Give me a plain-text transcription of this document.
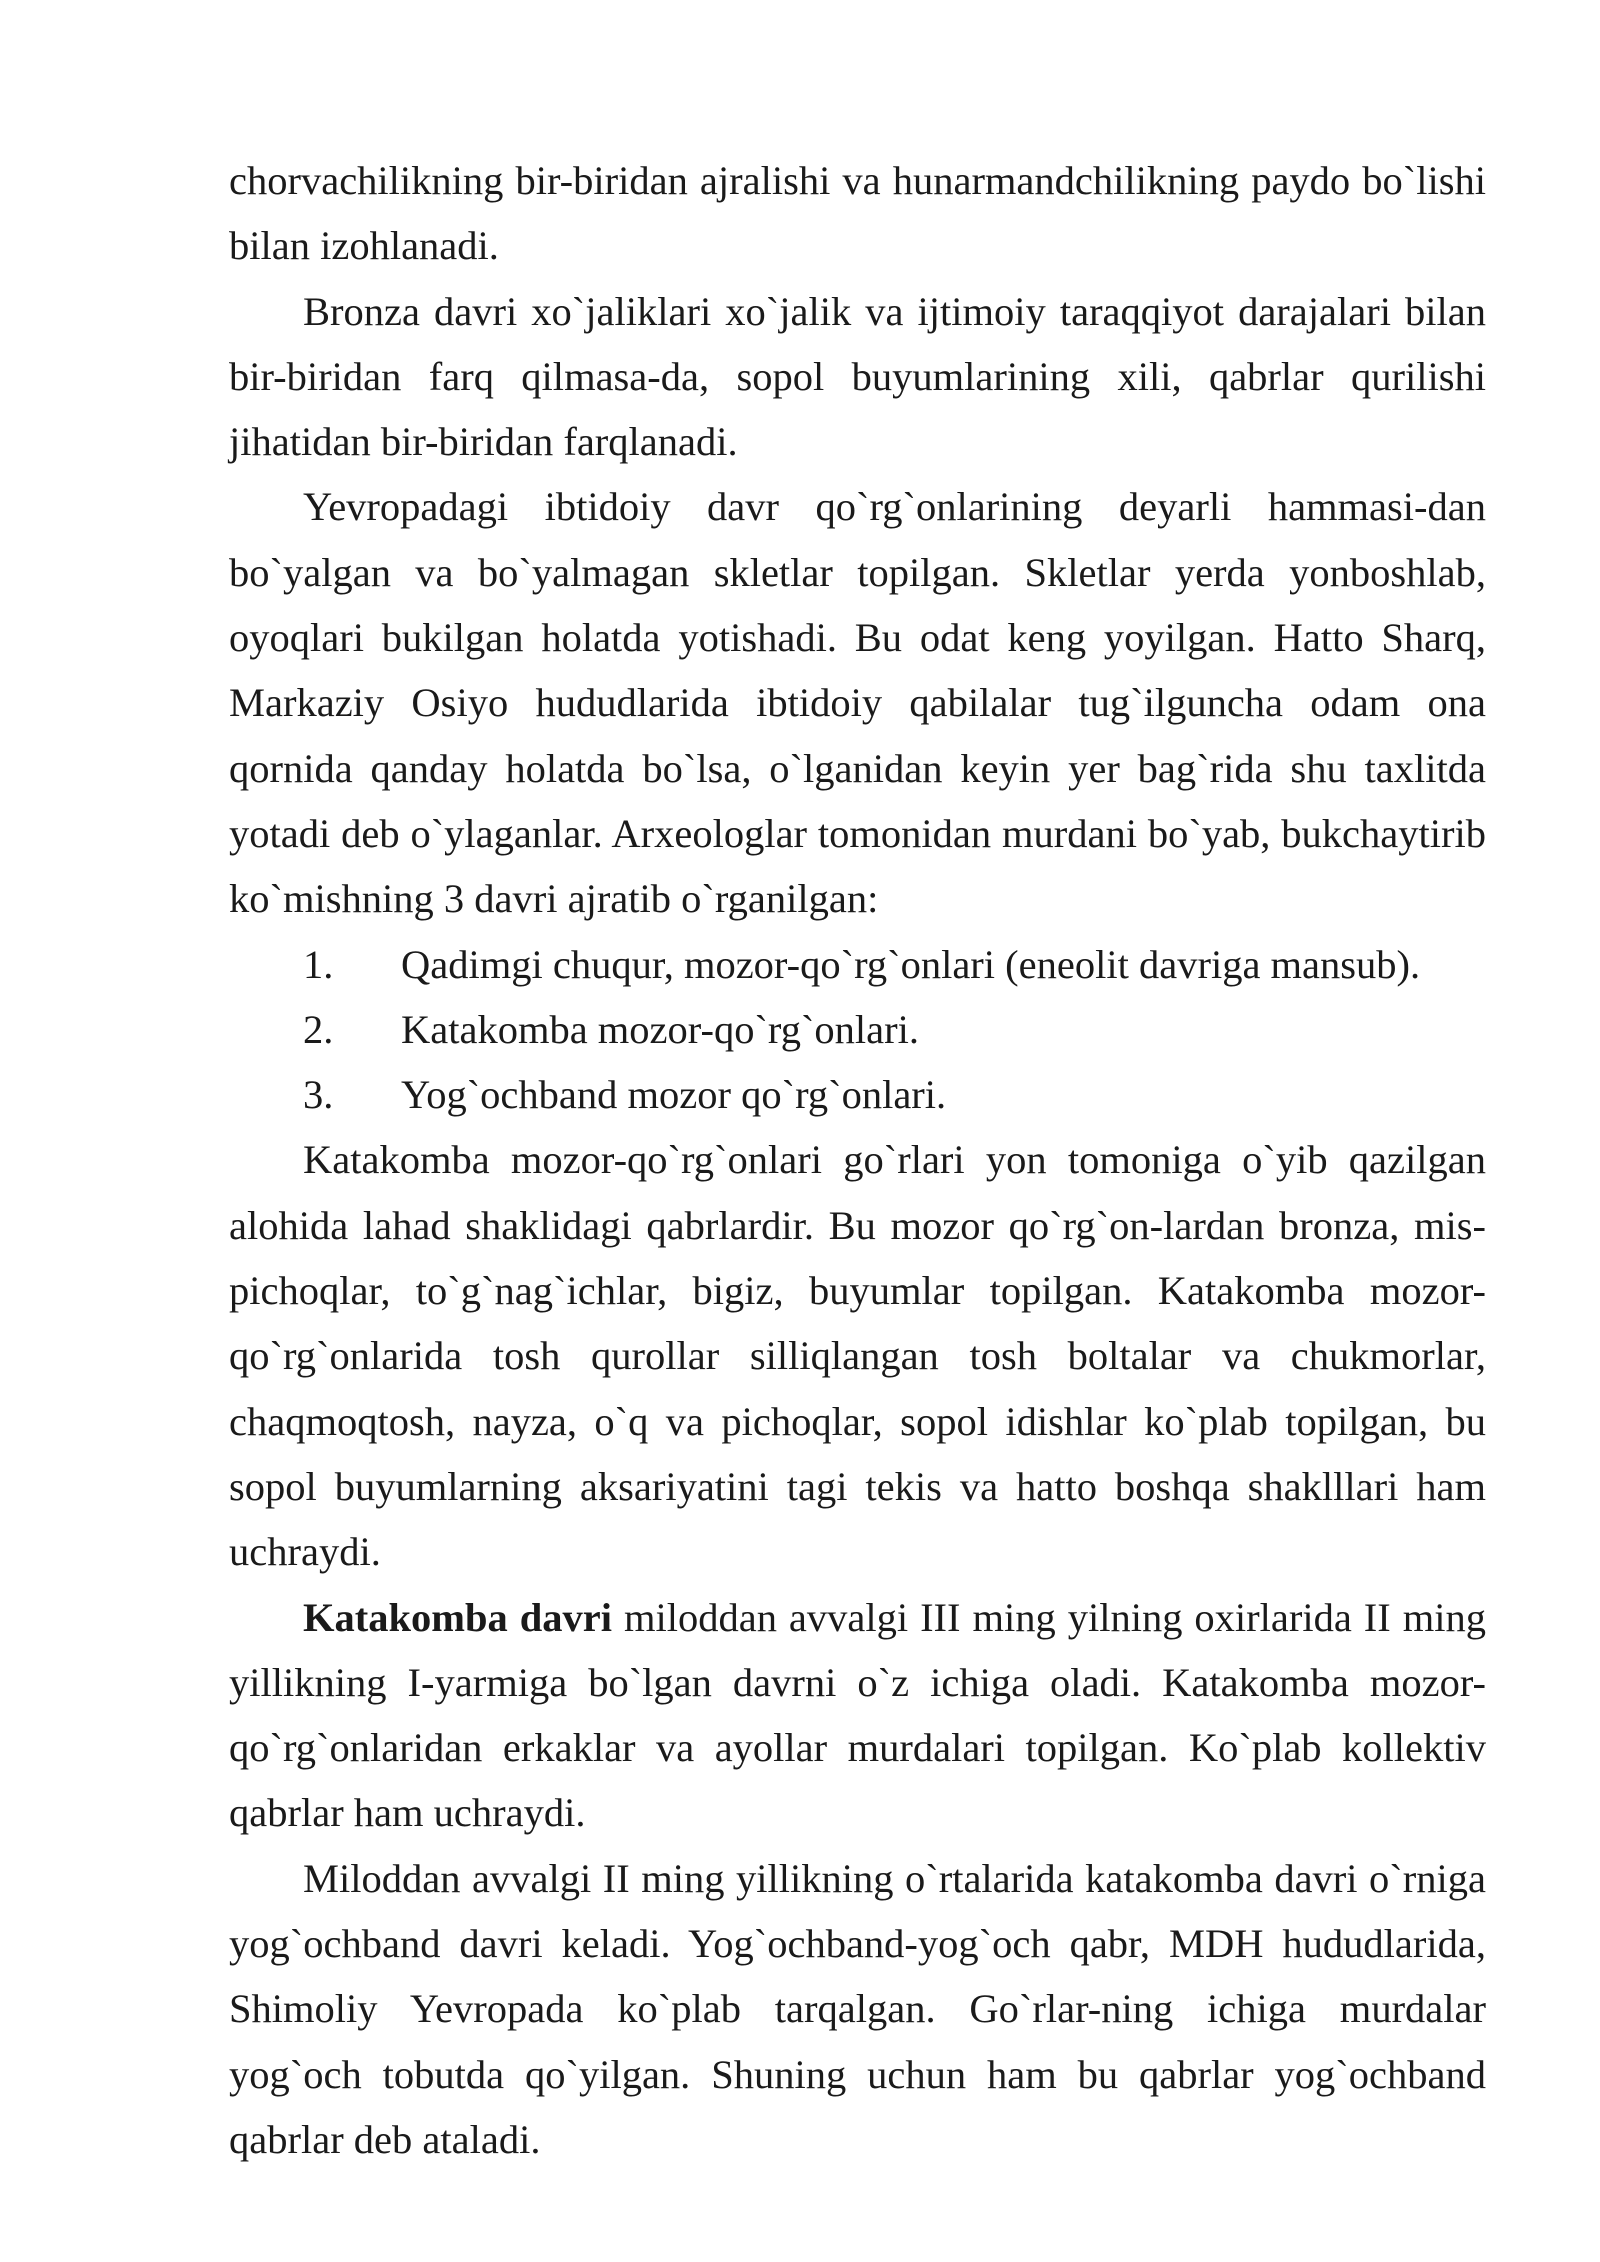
chorvachilikning bir-biridan ajralishi va hunarmandchilikning paydo bo`lishi bilan izohlanadi.

Bronza davri xo`jaliklari xo`jalik va ijtimoiy taraqqiyot darajalari bilan bir-biridan farq qilmasa-da, sopol buyumlarining xili, qabrlar qurilishi jihatidan bir-biridan farqlanadi.

Yevropadagi ibtidoiy davr qo`rg`onlarining deyarli hammasi-dan bo`yalgan va bo`yalmagan skletlar topilgan. Skletlar yerda yonboshlab, oyoqlari bukilgan holatda yotishadi. Bu odat keng yoyilgan. Hatto Sharq, Markaziy Osiyo hududlarida ibtidoiy qabilalar tug`ilguncha odam ona qornida qanday holatda bo`lsa, o`lganidan keyin yer bag`rida shu taxlitda yotadi deb o`ylaganlar. Arxeologlar tomonidan murdani bo`yab, bukchaytirib ko`mishning 3 davri ajratib o`rganilgan:

1.	Qadimgi chuqur, mozor-qo`rg`onlari (eneolit davriga mansub).
2.	Katakomba mozor-qo`rg`onlari.
3.	Yog`ochband mozor qo`rg`onlari.

Katakomba mozor-qo`rg`onlari go`rlari yon tomoniga o`yib qazilgan alohida lahad shaklidagi qabrlardir. Bu mozor qo`rg`on-lardan bronza, mis-pichoqlar, to`g`nag`ichlar, bigiz, buyumlar topilgan. Katakomba mozor-qo`rg`onlarida tosh qurollar silliqlangan tosh boltalar va chukmorlar, chaqmoqtosh, nayza, o`q va pichoqlar, sopol idishlar ko`plab topilgan, bu sopol buyumlarning aksariyatini tagi tekis va hatto boshqa shaklllari ham uchraydi.

Katakomba davri miloddan avvalgi III ming yilning oxirlarida II ming yillikning I-yarmiga bo`lgan davrni o`z ichiga oladi. Katakomba mozor-qo`rg`onlaridan erkaklar va ayollar murdalari topilgan. Ko`plab kollektiv qabrlar ham uchraydi.

Miloddan avvalgi II ming yillikning o`rtalarida katakomba davri o`rniga yog`ochband davri keladi. Yog`ochband-yog`och qabr, MDH hududlarida, Shimoliy Yevropada ko`plab tarqalgan. Go`rlar-ning ichiga murdalar yog`och tobutda qo`yilgan. Shuning uchun ham bu qabrlar yog`ochband qabrlar deb ataladi.
